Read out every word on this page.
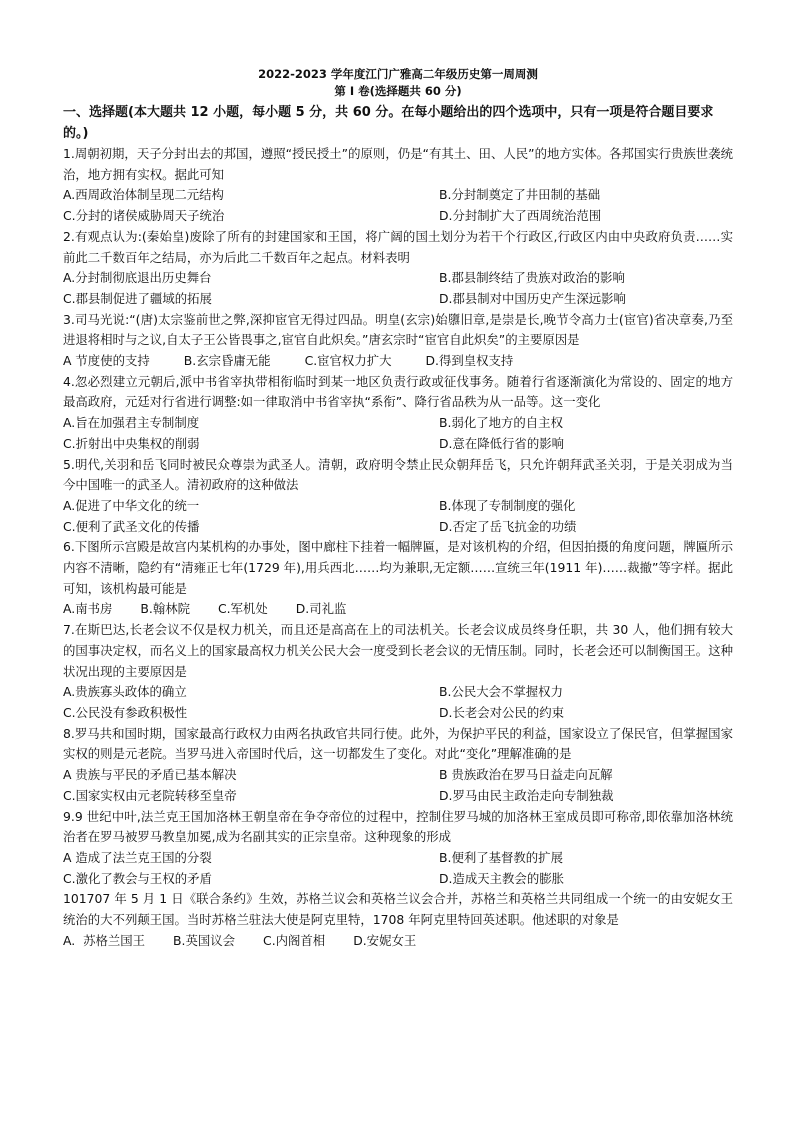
2022-2023 学年度江门广雅高二年级历史第一周周测
第 I 卷(选择题共 60 分)
一、选择题(本大题共 12 小题，每小题 5 分，共 60 分。在每小题给出的四个选项中，只有一项是符合题目要求的。)
1.周朝初期，天子分封出去的邦国，遵照“授民授土”的原则，仍是“有其土、田、人民”的地方实体。各邦国实行贵族世袭统治，地方拥有实权。据此可知
A.西周政治体制呈现二元结构	B.分封制奠定了井田制的基础
C.分封的诸侯威胁周天子统治	D.分封制扩大了西周统治范围
2.有观点认为:(秦始皇)废除了所有的封建国家和王国，将广阔的国土划分为若干个行政区,行政区内由中央政府负责……实前此二千数百年之结局，亦为后此二千数百年之起点。材料表明
A.分封制彻底退出历史舞台	B.郡县制终结了贵族对政治的影响
C.郡县制促进了疆域的拓展	D.郡县制对中国历史产生深远影响
3.司马光说:“(唐)太宗鉴前世之弊,深抑宦官无得过四品。明皇(玄宗)始隳旧章,是崇是长,晚节令高力士(宦官)省决章奏,乃至进退将相时与之议,自太子王公皆畏事之,宦官自此炽矣。”唐玄宗时“宦官自此炽矣”的主要原因是
A 节度使的支持	B.玄宗昏庸无能	C.宦官权力扩大	D.得到皇权支持
4.忽必烈建立元朝后,派中书省宰执带相衔临时到某一地区负责行政或征伐事务。随着行省逐渐演化为常设的、固定的地方最高政府，元廷对行省进行调整:如一律取消中书省宰执“系衔”、降行省品秩为从一品等。这一变化
A.旨在加强君主专制制度	B.弱化了地方的自主权
C.折射出中央集权的削弱	D.意在降低行省的影响
5.明代,关羽和岳飞同时被民众尊崇为武圣人。清朝，政府明令禁止民众朝拜岳飞，只允许朝拜武圣关羽，于是关羽成为当今中国唯一的武圣人。清初政府的这种做法
A.促进了中华文化的统一	B.体现了专制制度的强化
C.便利了武圣文化的传播	D.否定了岳飞抗金的功绩
6.下图所示宫殿是故宫内某机构的办事处，图中廊柱下挂着一幅牌匾，是对该机构的介绍，但因拍摄的角度问题，牌匾所示内容不清晰，隐约有“清雍正七年(1729 年),用兵西北……均为兼职,无定额……宣统三年(1911 年)……裁撤”等字样。据此可知，该机构最可能是
A.南书房 B.翰林院 C.军机处 D.司礼监
7.在斯巴达,长老会议不仅是权力机关，而且还是高高在上的司法机关。长老会议成员终身任职，共 30 人，他们拥有较大的国事决定权，而名义上的国家最高权力机关公民大会一度受到长老会议的无情压制。同时，长老会还可以制衡国王。这种状况出现的主要原因是
A.贵族寡头政体的确立	B.公民大会不掌握权力
C.公民没有参政积极性	D.长老会对公民的约束
8.罗马共和国时期，国家最高行政权力由两名执政官共同行使。此外，为保护平民的利益，国家设立了保民官，但掌握国家实权的则是元老院。当罗马进入帝国时代后，这一切都发生了变化。对此“变化”理解准确的是
A 贵族与平民的矛盾已基本解决	B 贵族政治在罗马日益走向瓦解
C.国家实权由元老院转移至皇帝	D.罗马由民主政治走向专制独裁
9.9 世纪中叶,法兰克王国加洛林王朝皇帝在争夺帝位的过程中，控制住罗马城的加洛林王室成员即可称帝,即依靠加洛林统治者在罗马被罗马教皇加冕,成为名副其实的正宗皇帝。这种现象的形成
A 造成了法兰克王国的分裂	B.便利了基督教的扩展
C.激化了教会与王权的矛盾	D.造成天主教会的膨胀
101707 年 5 月 1 日《联合条约》生效，苏格兰议会和英格兰议会合并，苏格兰和英格兰共同组成一个统一的由安妮女王统治的大不列颠王国。当时苏格兰驻法大使是阿克里特，1708 年阿克里特回英述职。他述职的对象是
A.  苏格兰国王 B.英国议会 C.内阁首相 D.安妮女王
